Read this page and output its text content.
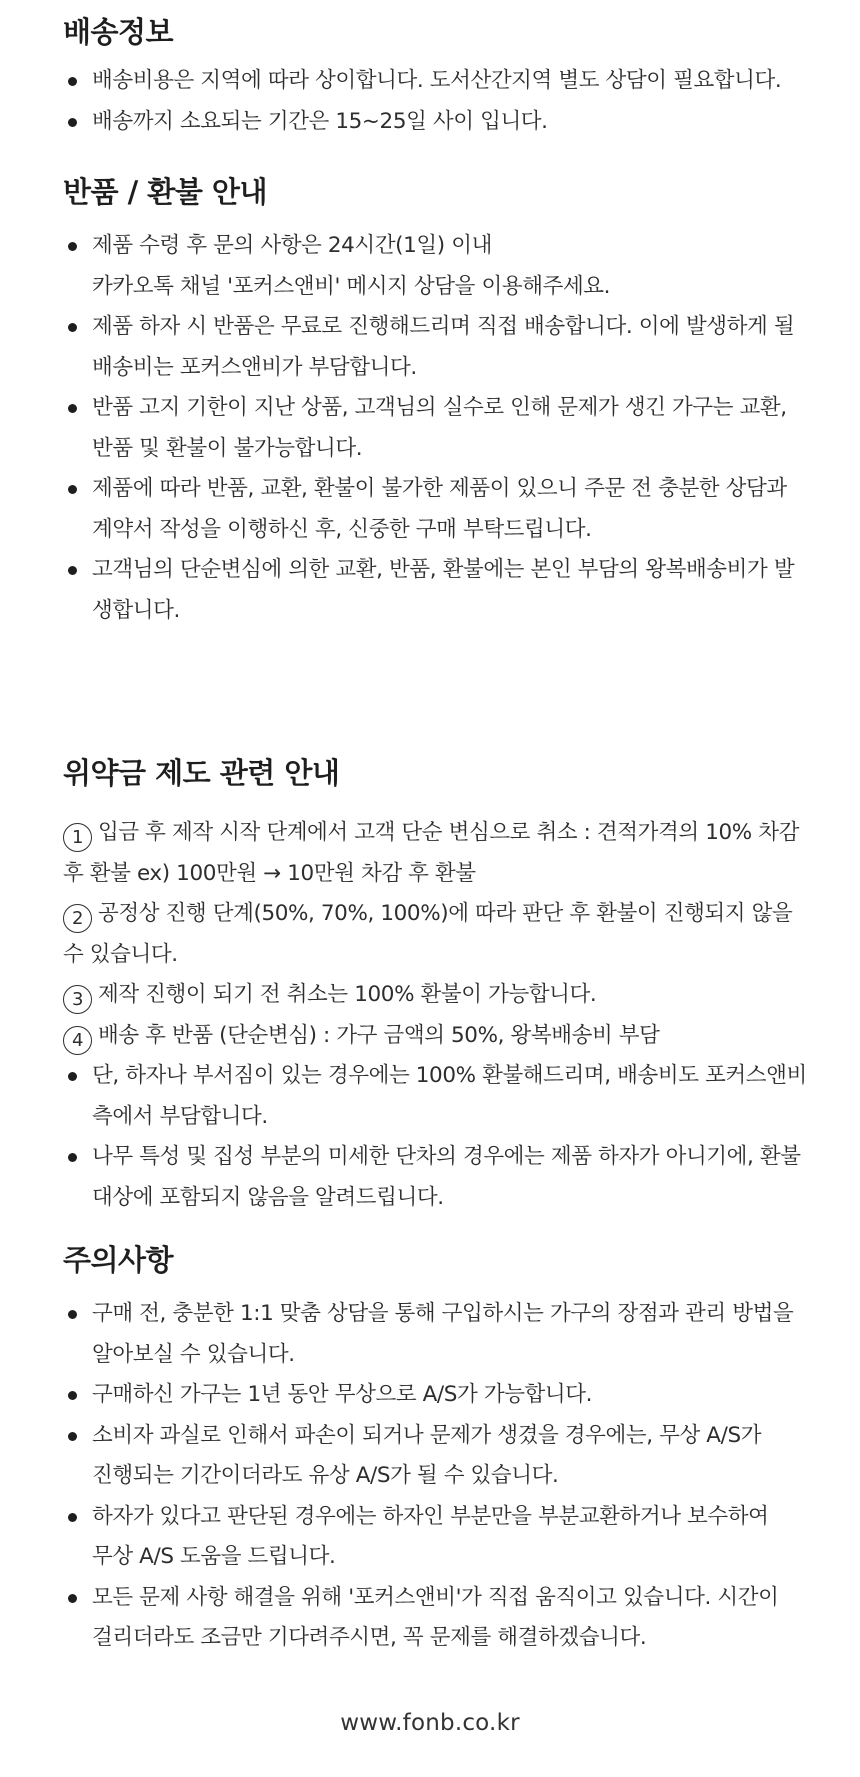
배송정보
배송비용은 지역에 따라 상이합니다. 도서산간지역 별도 상담이 필요합니다.
배송까지 소요되는 기간은 15~25일 사이 입니다.
반품 / 환불 안내
제품 수령 후 문의 사항은 24시간(1일) 이내
카카오톡 채널 '포커스앤비' 메시지 상담을 이용해주세요.
제품 하자 시 반품은 무료로 진행해드리며 직접 배송합니다. 이에 발생하게 될
배송비는 포커스앤비가 부담합니다.
반품 고지 기한이 지난 상품, 고객님의 실수로 인해 문제가 생긴 가구는 교환,
반품 및 환불이 불가능합니다.
제품에 따라 반품, 교환, 환불이 불가한 제품이 있으니 주문 전 충분한 상담과
계약서 작성을 이행하신 후, 신중한 구매 부탁드립니다.
고객님의 단순변심에 의한 교환, 반품, 환불에는 본인 부담의 왕복배송비가 발
생합니다.
위약금 제도 관련 안내
1 입금 후 제작 시작 단계에서 고객 단순 변심으로 취소 : 견적가격의 10% 차감
후 환불 ex) 100만원 → 10만원 차감 후 환불
2 공정상 진행 단계(50%, 70%, 100%)에 따라 판단 후 환불이 진행되지 않을
수 있습니다.
3 제작 진행이 되기 전 취소는 100% 환불이 가능합니다.
4 배송 후 반품 (단순변심) : 가구 금액의 50%, 왕복배송비 부담
단, 하자나 부서짐이 있는 경우에는 100% 환불해드리며, 배송비도 포커스앤비
측에서 부담합니다.
나무 특성 및 집성 부분의 미세한 단차의 경우에는 제품 하자가 아니기에, 환불
대상에 포함되지 않음을 알려드립니다.
주의사항
구매 전, 충분한 1:1 맞춤 상담을 통해 구입하시는 가구의 장점과 관리 방법을
알아보실 수 있습니다.
구매하신 가구는 1년 동안 무상으로 A/S가 가능합니다.
소비자 과실로 인해서 파손이 되거나 문제가 생겼을 경우에는, 무상 A/S가
진행되는 기간이더라도 유상 A/S가 될 수 있습니다.
하자가 있다고 판단된 경우에는 하자인 부분만을 부분교환하거나 보수하여
무상 A/S 도움을 드립니다.
모든 문제 사항 해결을 위해 '포커스앤비'가 직접 움직이고 있습니다. 시간이
걸리더라도 조금만 기다려주시면, 꼭 문제를 해결하겠습니다.
www.fonb.co.kr
